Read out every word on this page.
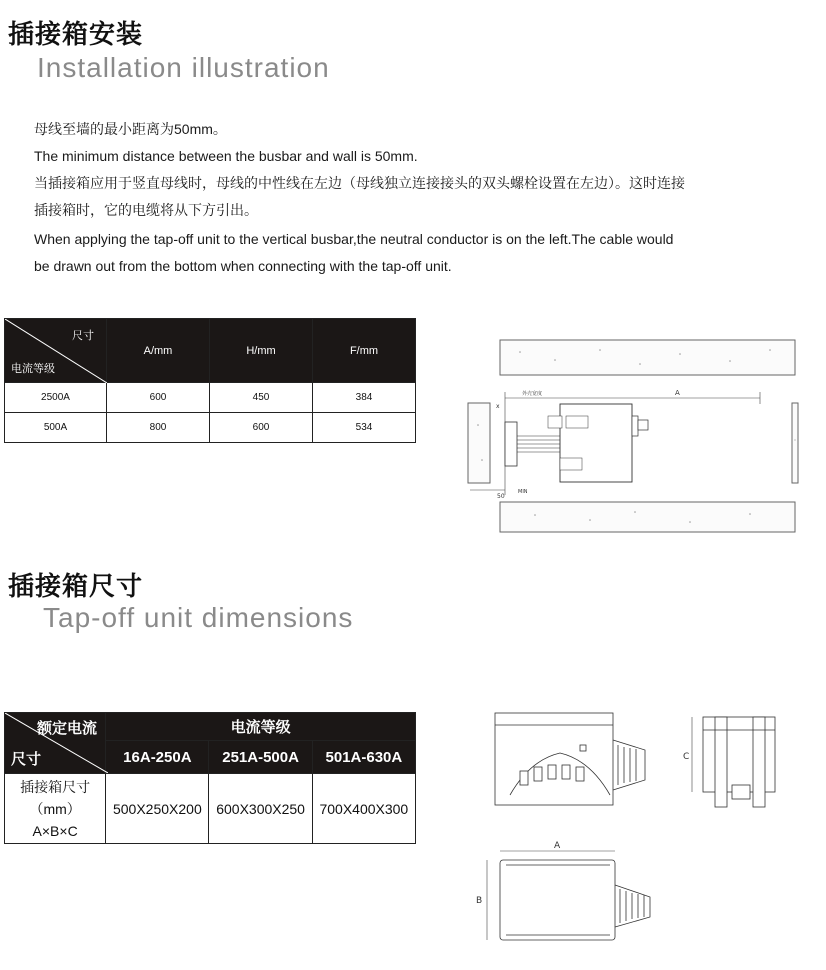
插接箱安装
Installation illustration
母线至墙的最小距离为50mm。
The minimum distance between the busbar and wall is 50mm.
当插接箱应用于竖直母线时，母线的中性线在左边（母线独立连接接头的双头螺栓设置在左边）。这时连接
插接箱时，它的电缆将从下方引出。
When applying the tap-off unit to the vertical busbar,the neutral conductor is on the left.The cable would
be drawn out from the bottom when connecting with the tap-off unit.
尺寸
电流等级	A/mm	H/mm	F/mm
2500A	600	450	384
500A	800	600	534
A
外壳宽度
x
50
MIN
插接箱尺寸
Tap-off unit dimensions
额定电流
尺寸	电流等级		
	16A-250A	251A-500A	501A-630A

插接箱尺寸
（mm）
A×B×C	500X250X200	600X300X250	700X400X300
C
A
B
